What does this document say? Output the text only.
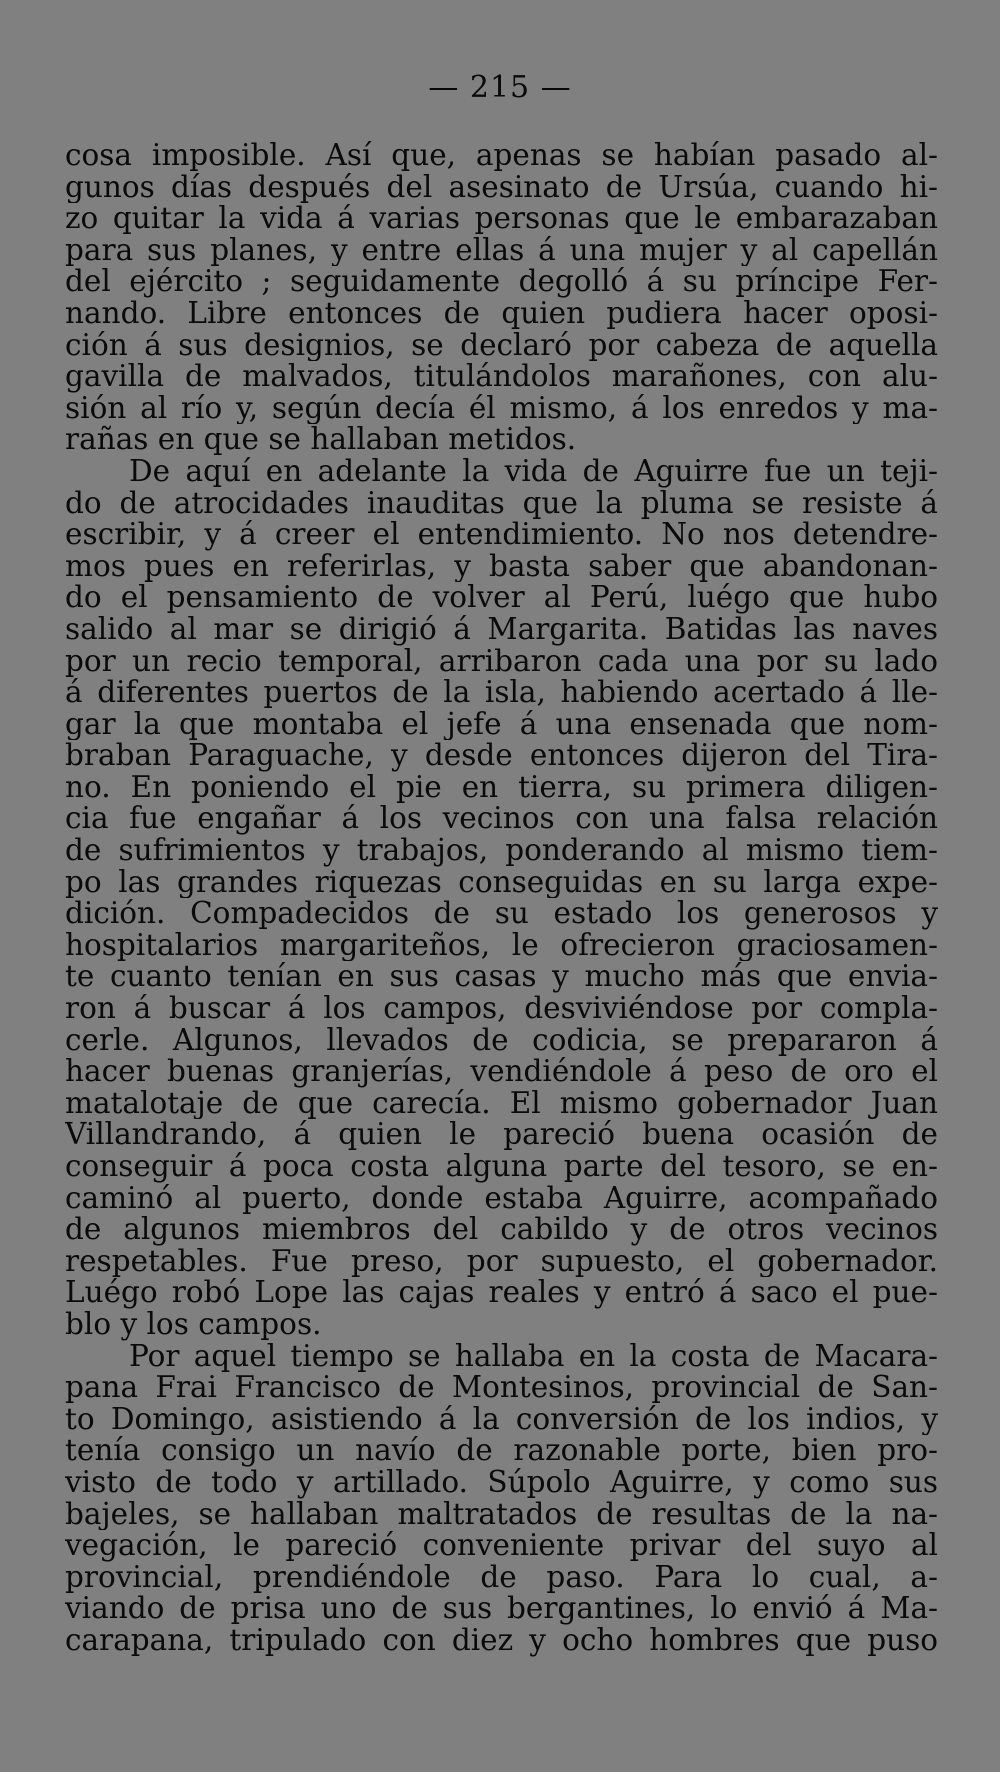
— 215 —
cosa imposible. Así que, apenas se habían pasado al-
gunos días después del asesinato de Ursúa, cuando hi-
zo quitar la vida á varias personas que le embarazaban
para sus planes, y entre ellas á una mujer y al capellán
del ejército ; seguidamente degolló á su príncipe Fer-
nando. Libre entonces de quien pudiera hacer oposi-
ción á sus designios, se declaró por cabeza de aquella
gavilla de malvados, titulándolos marañones, con alu-
sión al río y, según decía él mismo, á los enredos y ma-
rañas en que se hallaban metidos.
De aquí en adelante la vida de Aguirre fue un teji-
do de atrocidades inauditas que la pluma se resiste á
escribir, y á creer el entendimiento. No nos detendre-
mos pues en referirlas, y basta saber que abandonan-
do el pensamiento de volver al Perú, luégo que hubo
salido al mar se dirigió á Margarita. Batidas las naves
por un recio temporal, arribaron cada una por su lado
á diferentes puertos de la isla, habiendo acertado á lle-
gar la que montaba el jefe á una ensenada que nom-
braban Paraguache, y desde entonces dijeron del Tira-
no. En poniendo el pie en tierra, su primera diligen-
cia fue engañar á los vecinos con una falsa relación
de sufrimientos y trabajos, ponderando al mismo tiem-
po las grandes riquezas conseguidas en su larga expe-
dición. Compadecidos de su estado los generosos y
hospitalarios margariteños, le ofrecieron graciosamen-
te cuanto tenían en sus casas y mucho más que envia-
ron á buscar á los campos, desviviéndose por compla-
cerle. Algunos, llevados de codicia, se prepararon á
hacer buenas granjerías, vendiéndole á peso de oro el
matalotaje de que carecía. El mismo gobernador Juan
Villandrando, á quien le pareció buena ocasión de
conseguir á poca costa alguna parte del tesoro, se en-
caminó al puerto, donde estaba Aguirre, acompañado
de algunos miembros del cabildo y de otros vecinos
respetables. Fue preso, por supuesto, el gobernador.
Luégo robó Lope las cajas reales y entró á saco el pue-
blo y los campos.
Por aquel tiempo se hallaba en la costa de Macara-
pana Frai Francisco de Montesinos, provincial de San-
to Domingo, asistiendo á la conversión de los indios, y
tenía consigo un navío de razonable porte, bien pro-
visto de todo y artillado. Súpolo Aguirre, y como sus
bajeles, se hallaban maltratados de resultas de la na-
vegación, le pareció conveniente privar del suyo al
provincial, prendiéndole de paso. Para lo cual, a-
viando de prisa uno de sus bergantines, lo envió á Ma-
carapana, tripulado con diez y ocho hombres que puso
